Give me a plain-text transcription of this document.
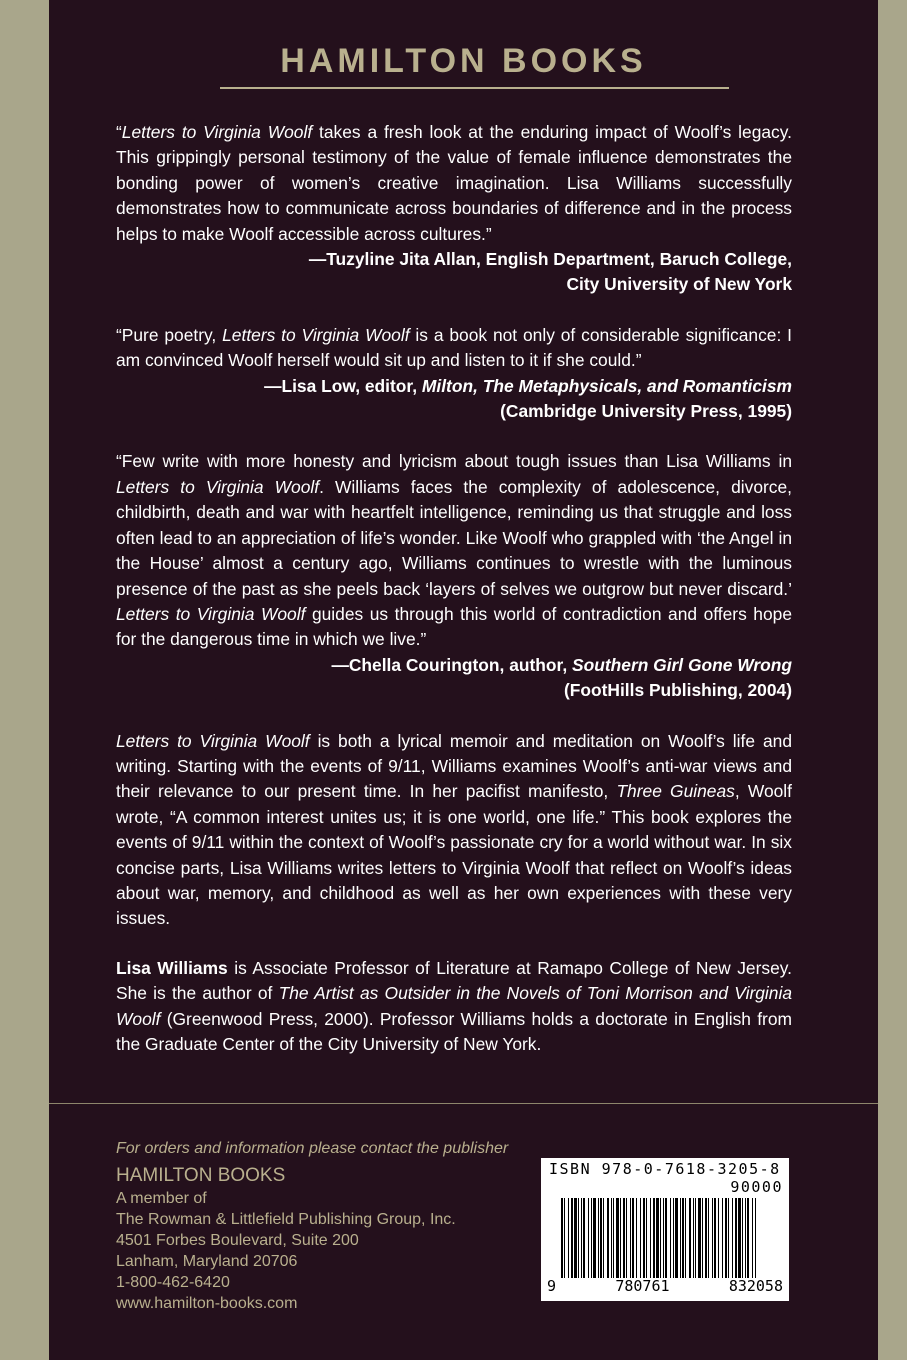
HAMILTON BOOKS

“Letters to Virginia Woolf takes a fresh look at the enduring impact of Woolf’s legacy. This grippingly personal testimony of the value of female influence demonstrates the bonding power of women’s creative imagination. Lisa Williams successfully demonstrates how to communicate across boundaries of difference and in the process helps to make Woolf accessible across cultures.”

—Tuzyline Jita Allan, English Department, Baruch College,
City University of New York

“Pure poetry, Letters to Virginia Woolf is a book not only of considerable significance: I am convinced Woolf herself would sit up and listen to it if she could.”

—Lisa Low, editor, Milton, The Metaphysicals, and Romanticism
(Cambridge University Press, 1995)

“Few write with more honesty and lyricism about tough issues than Lisa Williams in Letters to Virginia Woolf. Williams faces the complexity of adolescence, divorce, childbirth, death and war with heartfelt intelligence, reminding us that struggle and loss often lead to an appreciation of life’s wonder. Like Woolf who grappled with ‘the Angel in the House’ almost a century ago, Williams continues to wrestle with the luminous presence of the past as she peels back ‘layers of selves we outgrow but never discard.’ Letters to Virginia Woolf guides us through this world of contradiction and offers hope for the dangerous time in which we live.”

—Chella Courington, author, Southern Girl Gone Wrong
(FootHills Publishing, 2004)

Letters to Virginia Woolf is both a lyrical memoir and meditation on Woolf’s life and writing. Starting with the events of 9/11, Williams examines Woolf’s anti-war views and their relevance to our present time. In her pacifist manifesto, Three Guineas, Woolf wrote, “A common interest unites us; it is one world, one life.” This book explores the events of 9/11 within the context of Woolf’s passionate cry for a world without war. In six concise parts, Lisa Williams writes letters to Virginia Woolf that reflect on Woolf’s ideas about war, memory, and childhood as well as her own experiences with these very issues.

Lisa Williams is Associate Professor of Literature at Ramapo College of New Jersey. She is the author of The Artist as Outsider in the Novels of Toni Morrison and Virginia Woolf (Greenwood Press, 2000). Professor Williams holds a doctorate in English from the Graduate Center of the City University of New York.

For orders and information please contact the publisher
HAMILTON BOOKS
A member of
The Rowman & Littlefield Publishing Group, Inc.
4501 Forbes Boulevard, Suite 200
Lanham, Maryland 20706
1-800-462-6420
www.hamilton-books.com
ISBN 978-0-7618-3205-8
90000
9	780761	832058
